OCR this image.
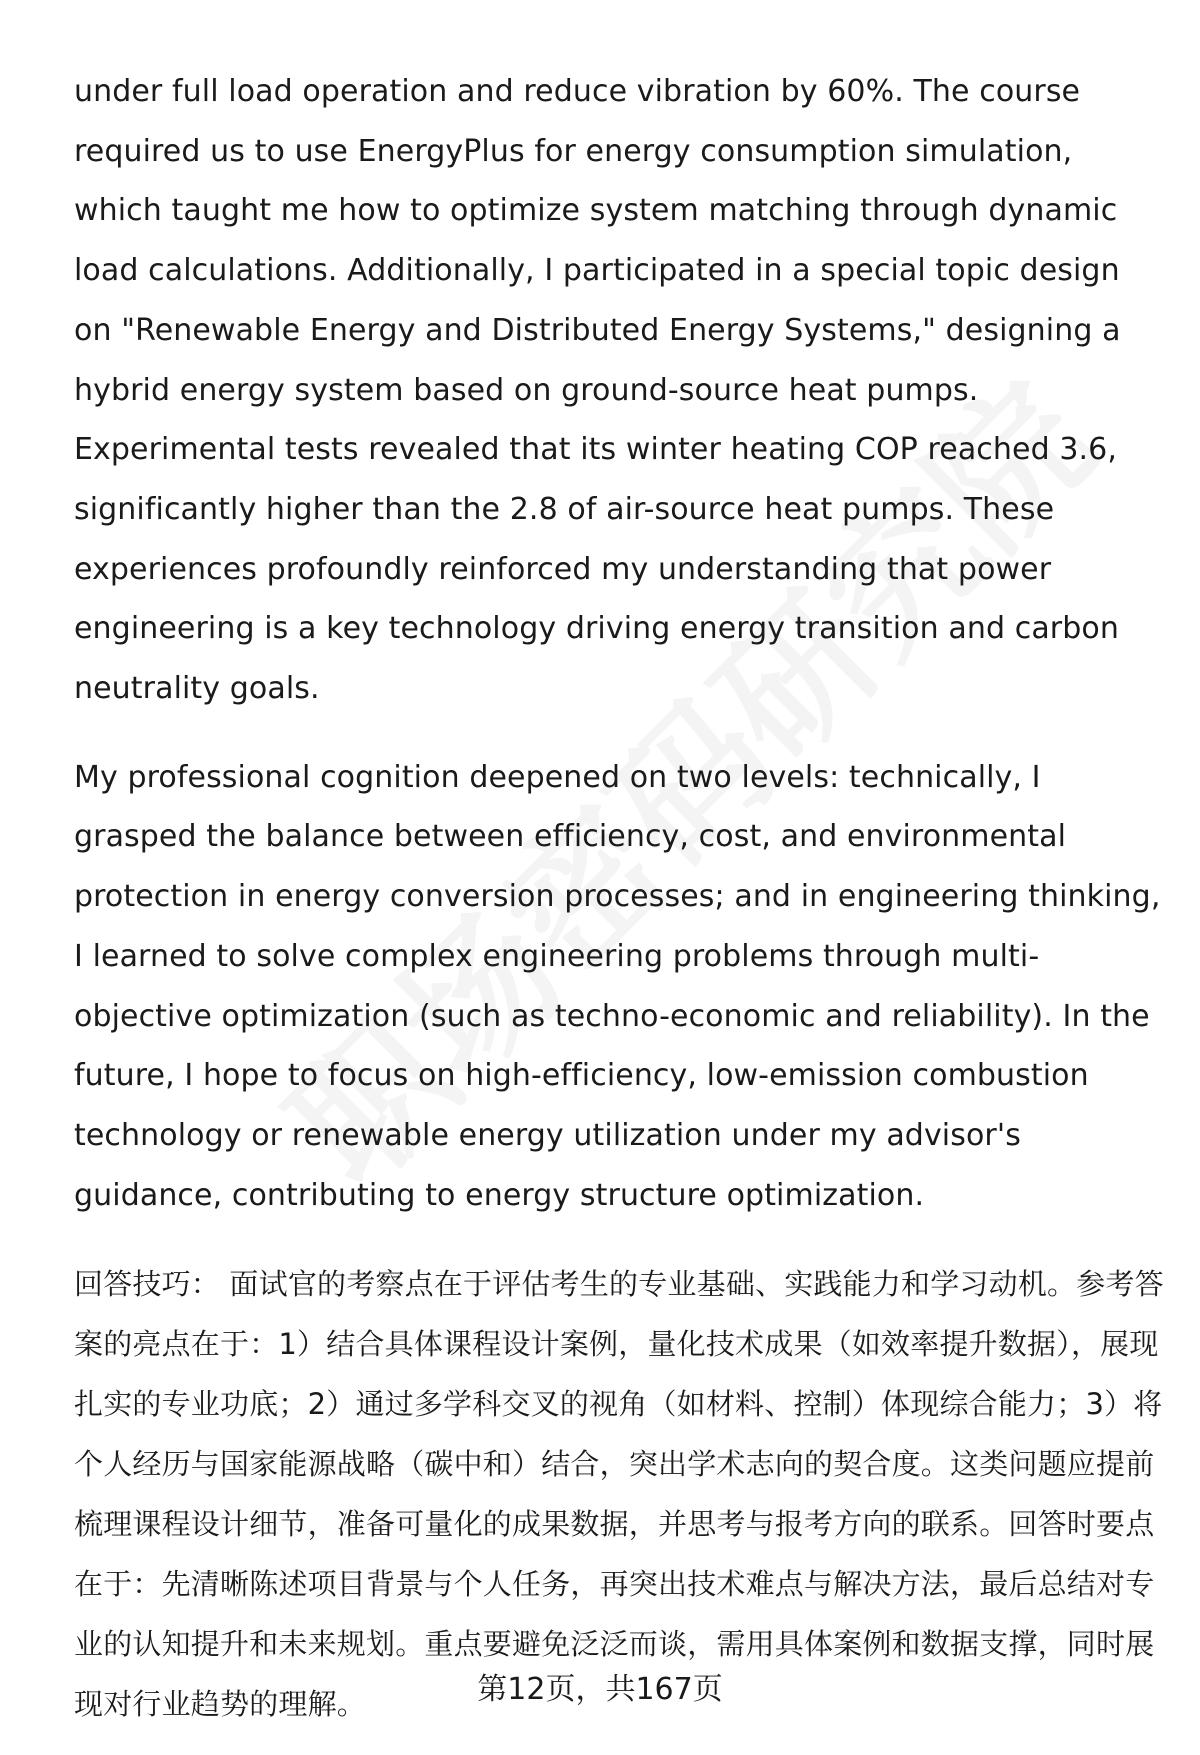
under full load operation and reduce vibration by 60%. The course required us to use EnergyPlus for energy consumption simulation, which taught me how to optimize system matching through dynamic load calculations. Additionally, I participated in a special topic design on "Renewable Energy and Distributed Energy Systems," designing a hybrid energy system based on ground-source heat pumps. Experimental tests revealed that its winter heating COP reached 3.6, significantly higher than the 2.8 of air-source heat pumps. These experiences profoundly reinforced my understanding that power engineering is a key technology driving energy transition and carbon neutrality goals.

My professional cognition deepened on two levels: technically, I grasped the balance between efficiency, cost, and environmental protection in energy conversion processes; and in engineering thinking, I learned to solve complex engineering problems through multi-objective optimization (such as techno-economic and reliability). In the future, I hope to focus on high-efficiency, low-emission combustion technology or renewable energy utilization under my advisor's guidance, contributing to energy structure optimization.

回答技巧： 面试官的考察点在于评估考生的专业基础、实践能力和学习动机。参考答案的亮点在于：1）结合具体课程设计案例，量化技术成果（如效率提升数据），展现扎实的专业功底；2）通过多学科交叉的视角（如材料、控制）体现综合能力；3）将个人经历与国家能源战略（碳中和）结合，突出学术志向的契合度。这类问题应提前梳理课程设计细节，准备可量化的成果数据，并思考与报考方向的联系。回答时要点在于：先清晰陈述项目背景与个人任务，再突出技术难点与解决方法，最后总结对专业的认知提升和未来规划。重点要避免泛泛而谈，需用具体案例和数据支撑，同时展现对行业趋势的理解。	第12页，共167页
